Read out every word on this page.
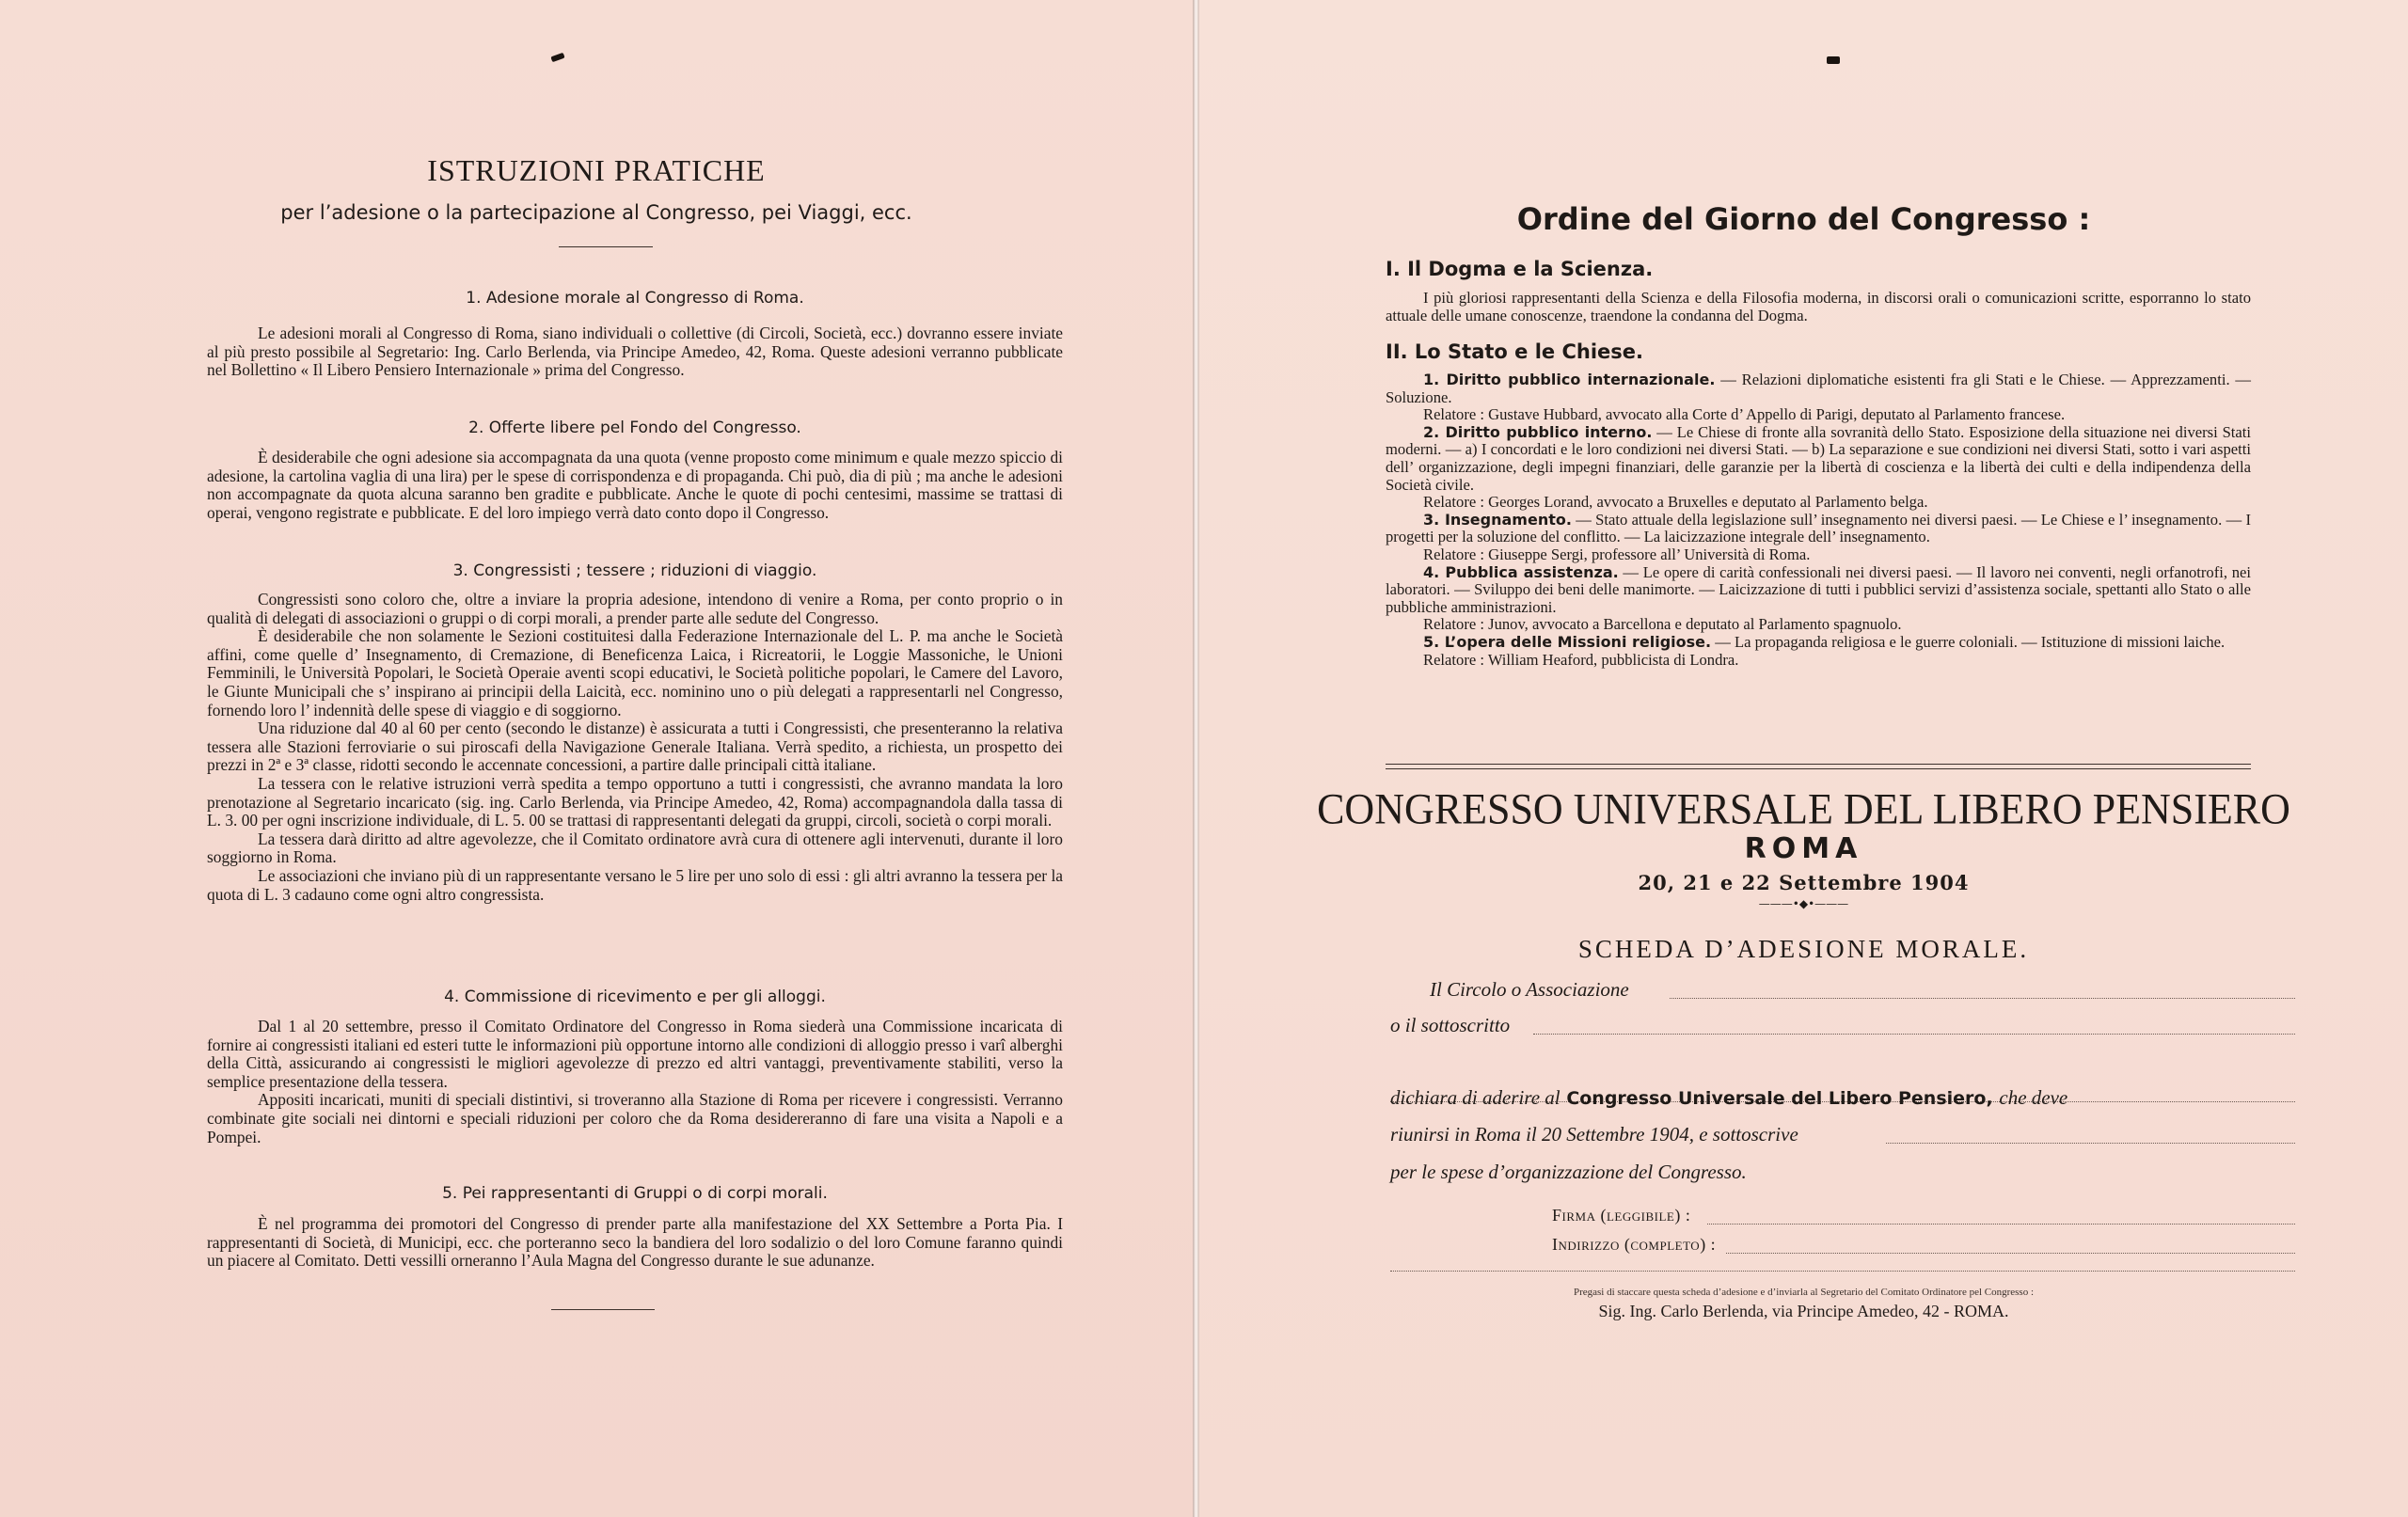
ISTRUZIONI PRATICHE
per l’adesione o la partecipazione al Congresso, pei Viaggi, ecc.
1. Adesione morale al Congresso di Roma.

Le adesioni morali al Congresso di Roma, siano individuali o collettive (di Circoli, Società, ecc.) dovranno essere inviate al più presto possibile al Segretario: Ing. Carlo Berlenda, via Principe Amedeo, 42, Roma. Queste adesioni verranno pubblicate nel Bollettino « Il Libero Pensiero Internazionale » prima del Congresso.

2. Offerte libere pel Fondo del Congresso.

È desiderabile che ogni adesione sia accompagnata da una quota (venne proposto come minimum e quale mezzo spiccio di adesione, la cartolina vaglia di una lira) per le spese di corrispondenza e di propaganda. Chi può, dia di più ; ma anche le adesioni non accompagnate da quota alcuna saranno ben gradite e pubblicate. Anche le quote di pochi centesimi, massime se trattasi di operai, vengono registrate e pubblicate. E del loro impiego verrà dato conto dopo il Congresso.

3. Congressisti ; tessere ; riduzioni di viaggio.

Congressisti sono coloro che, oltre a inviare la propria adesione, intendono di venire a Roma, per conto proprio o in qualità di delegati di associazioni o gruppi o di corpi morali, a prender parte alle sedute del Congresso.

È desiderabile che non solamente le Sezioni costituitesi dalla Federazione Internazionale del L. P. ma anche le Società affini, come quelle d’ Insegnamento, di Cremazione, di Beneficenza Laica, i Ricreatorii, le Loggie Massoniche, le Unioni Femminili, le Università Popolari, le Società Operaie aventi scopi educativi, le Società politiche popolari, le Camere del Lavoro, le Giunte Municipali che s’ inspirano ai principii della Laicità, ecc. nominino uno o più delegati a rappresentarli nel Congresso, fornendo loro l’ indennità delle spese di viaggio e di soggiorno.

Una riduzione dal 40 al 60 per cento (secondo le distanze) è assicurata a tutti i Congressisti, che presenteranno la relativa tessera alle Stazioni ferroviarie o sui piroscafi della Navigazione Generale Italiana. Verrà spedito, a richiesta, un prospetto dei prezzi in 2ª e 3ª classe, ridotti secondo le accennate concessioni, a partire dalle principali città italiane.

La tessera con le relative istruzioni verrà spedita a tempo opportuno a tutti i congressisti, che avranno mandata la loro prenotazione al Segretario incaricato (sig. ing. Carlo Berlenda, via Principe Amedeo, 42, Roma) accompagnandola dalla tassa di L. 3. 00 per ogni inscrizione individuale, di L. 5. 00 se trattasi di rappresentanti delegati da gruppi, circoli, società o corpi morali.

La tessera darà diritto ad altre agevolezze, che il Comitato ordinatore avrà cura di ottenere agli intervenuti, durante il loro soggiorno in Roma.

Le associazioni che inviano più di un rappresentante versano le 5 lire per uno solo di essi : gli altri avranno la tessera per la quota di L. 3 cadauno come ogni altro congressista.

4. Commissione di ricevimento e per gli alloggi.

Dal 1 al 20 settembre, presso il Comitato Ordinatore del Congresso in Roma siederà una Commissione incaricata di fornire ai congressisti italiani ed esteri tutte le informazioni più opportune intorno alle condizioni di alloggio presso i varî alberghi della Città, assicurando ai congressisti le migliori agevolezze di prezzo ed altri vantaggi, preventivamente stabiliti, verso la semplice presentazione della tessera.

Appositi incaricati, muniti di speciali distintivi, si troveranno alla Stazione di Roma per ricevere i congressisti. Verranno combinate gite sociali nei dintorni e speciali riduzioni per coloro che da Roma desidereranno di fare una visita a Napoli e a Pompei.

5. Pei rappresentanti di Gruppi o di corpi morali.

È nel programma dei promotori del Congresso di prender parte alla manifestazione del XX Settembre a Porta Pia. I rappresentanti di Società, di Municipi, ecc. che porteranno seco la bandiera del loro sodalizio o del loro Comune faranno quindi un piacere al Comitato. Detti vessilli orneranno l’Aula Magna del Congresso durante le sue adunanze.

Ordine del Giorno del Congresso :
I. Il Dogma e la Scienza.

I più gloriosi rappresentanti della Scienza e della Filosofia moderna, in discorsi orali o comunicazioni scritte, esporranno lo stato attuale delle umane conoscenze, traendone la condanna del Dogma.

II. Lo Stato e le Chiese.

1. Diritto pubblico internazionale. — Relazioni diplomatiche esistenti fra gli Stati e le Chiese. — Apprezzamenti. — Soluzione.

Relatore : Gustave Hubbard, avvocato alla Corte d’ Appello di Parigi, deputato al Parlamento francese.

2. Diritto pubblico interno. — Le Chiese di fronte alla sovranità dello Stato. Esposizione della situazione nei diversi Stati moderni. — a) I concordati e le loro condizioni nei diversi Stati. — b) La separazione e sue condizioni nei diversi Stati, sotto i vari aspetti dell’ organizzazione, degli impegni finanziari, delle garanzie per la libertà di coscienza e la libertà dei culti e della indipendenza della Società civile.

Relatore : Georges Lorand, avvocato a Bruxelles e deputato al Parlamento belga.

3. Insegnamento. — Stato attuale della legislazione sull’ insegnamento nei diversi paesi. — Le Chiese e l’ insegnamento. — I progetti per la soluzione del conflitto. — La laicizzazione integrale dell’ insegnamento.

Relatore : Giuseppe Sergi, professore all’ Università di Roma.

4. Pubblica assistenza. — Le opere di carità confessionali nei diversi paesi. — Il lavoro nei conventi, negli orfanotrofi, nei laboratori. — Sviluppo dei beni delle manimorte. — Laicizzazione di tutti i pubblici servizi d’assistenza sociale, spettanti allo Stato o alle pubbliche amministrazioni.

Relatore : Junov, avvocato a Barcellona e deputato al Parlamento spagnuolo.

5. L’opera delle Missioni religiose. — La propaganda religiosa e le guerre coloniali. — Istituzione di missioni laiche.

Relatore : William Heaford, pubblicista di Londra.

CONGRESSO UNIVERSALE DEL LIBERO PENSIERO
ROMA
20, 21 e 22 Settembre 1904
———•◆•———
SCHEDA D’ADESIONE MORALE.
Il Circolo o Associazione
o il sottoscritto
dichiara di aderire al Congresso Universale del Libero Pensiero, che deve
riunirsi in Roma il 20 Settembre 1904, e sottoscrive
per le spese d’organizzazione del Congresso.
Firma (leggibile) :
Indirizzo (completo) :
Pregasi di staccare questa scheda d’adesione e d’inviarla al Segretario del Comitato Ordinatore pel Congresso :
Sig. Ing. Carlo Berlenda, via Principe Amedeo, 42 - ROMA.
